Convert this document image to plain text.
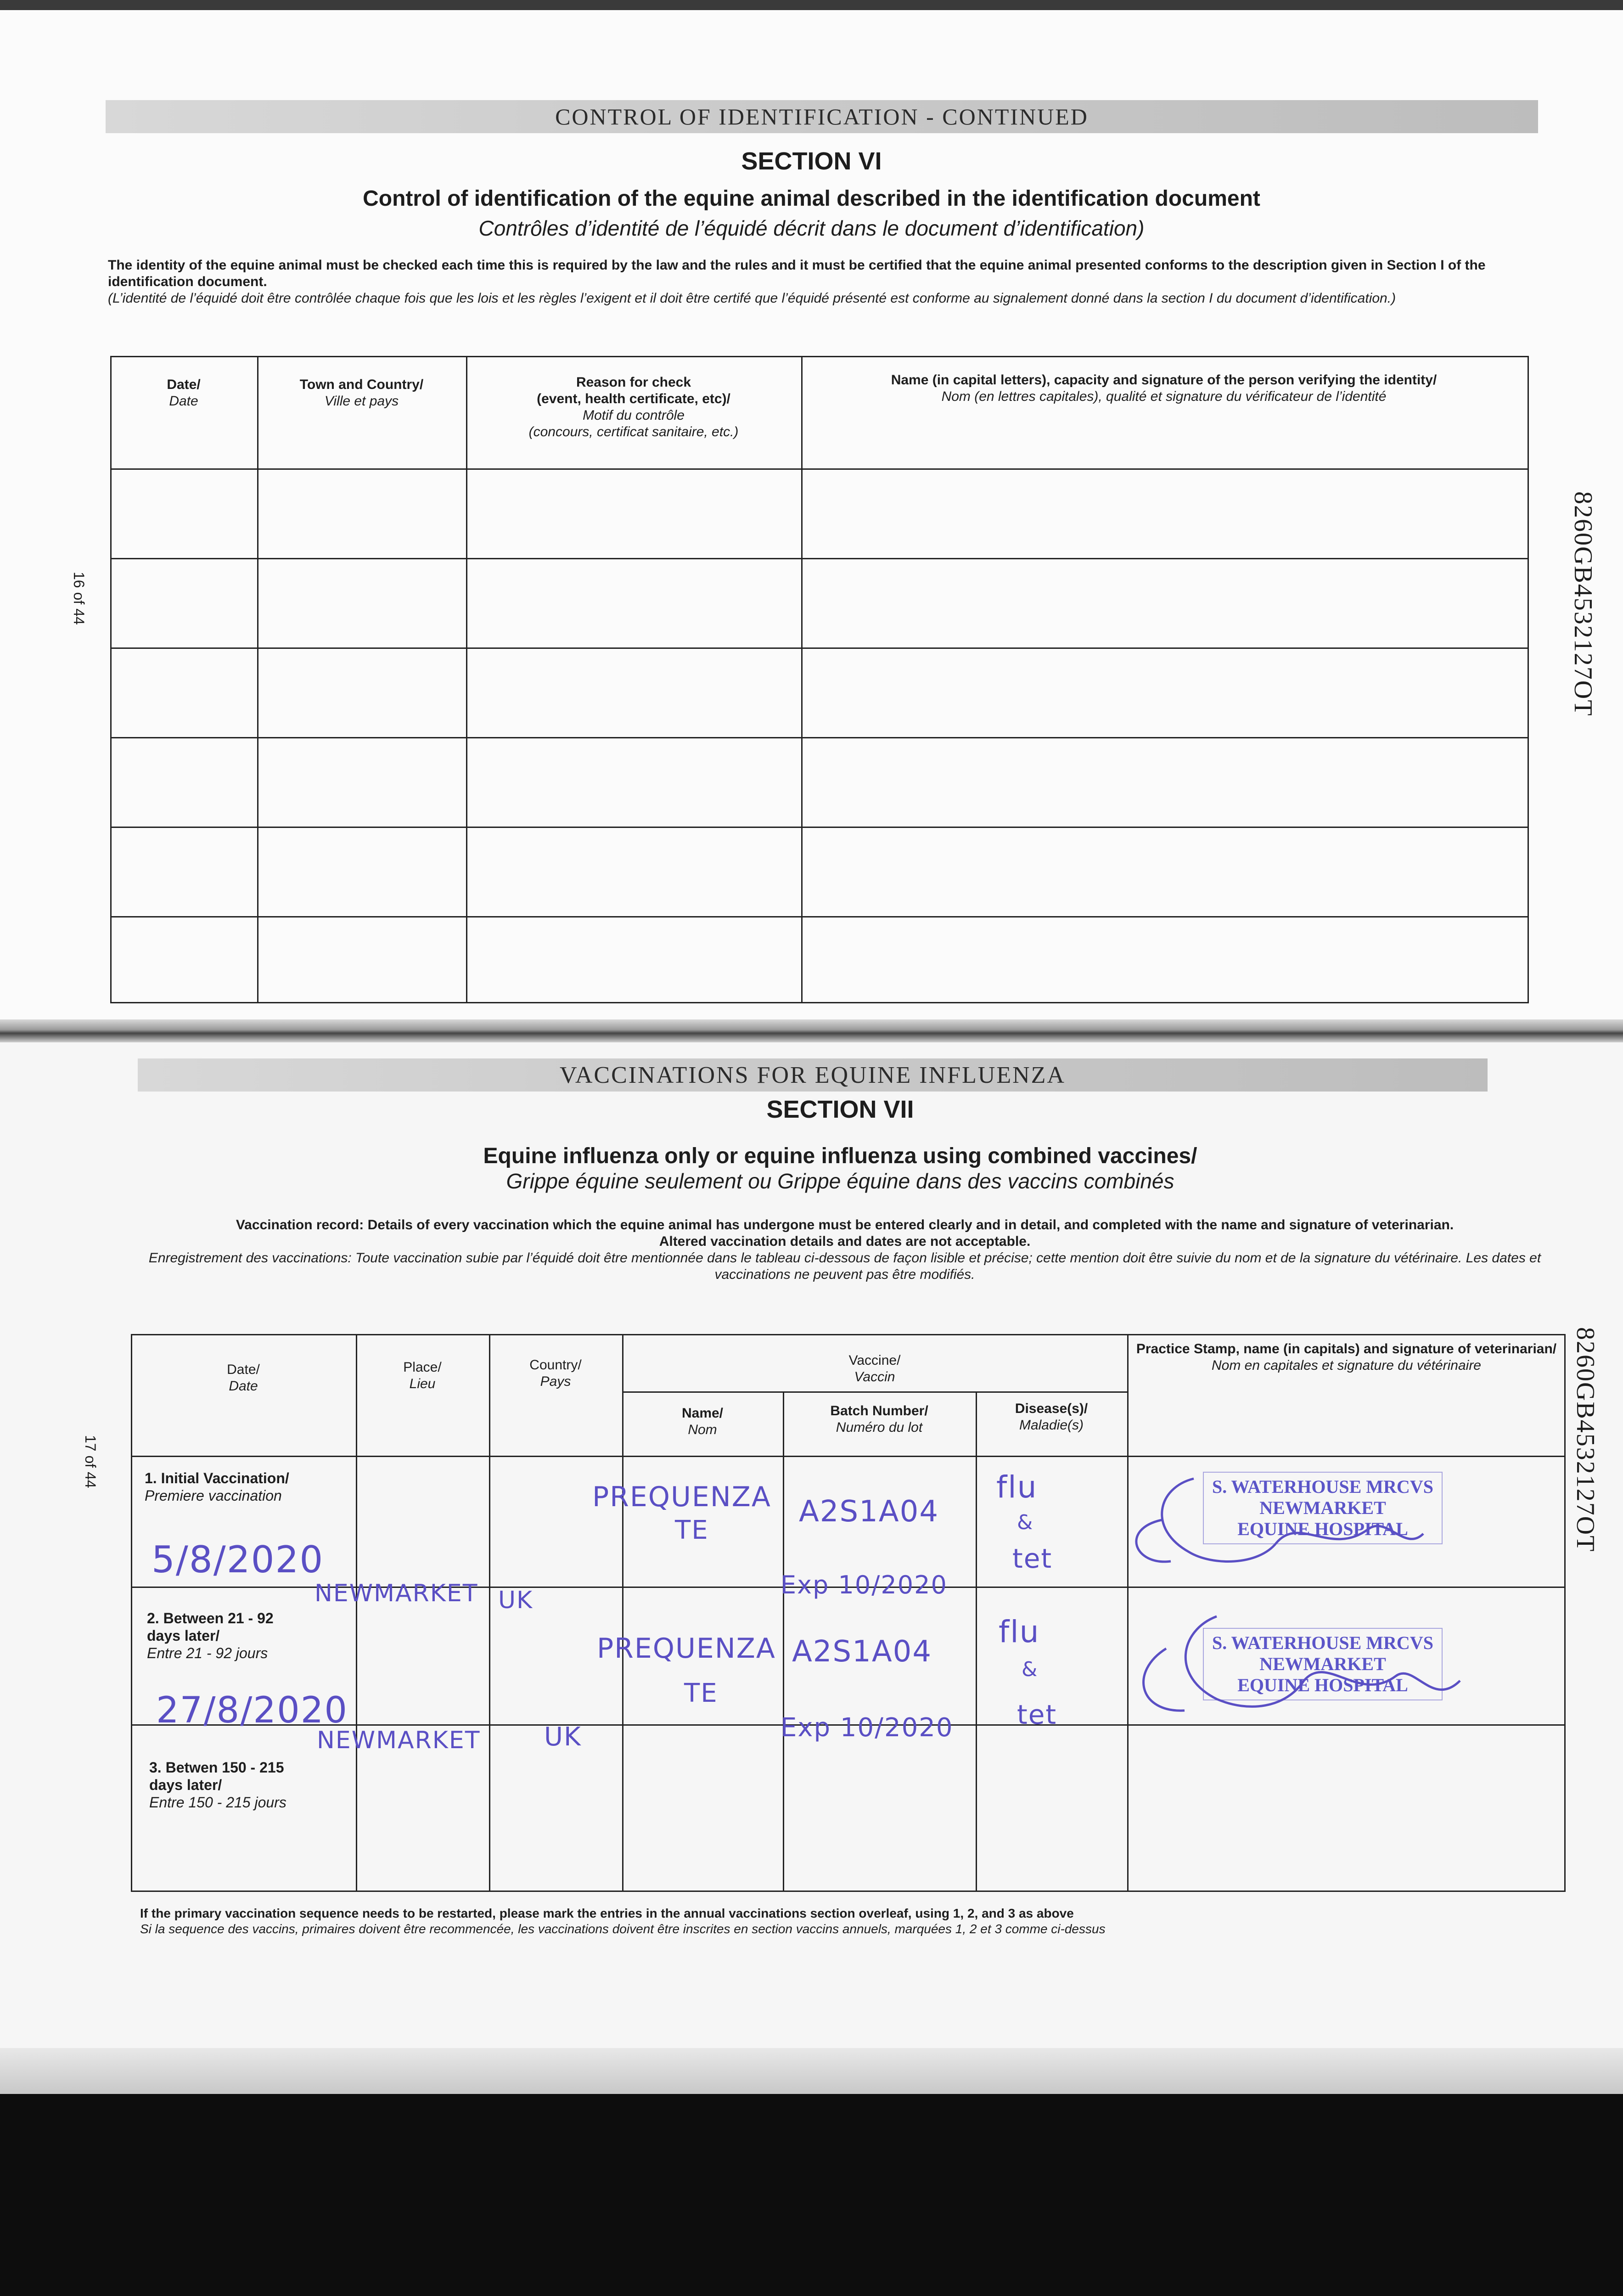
CONTROL OF IDENTIFICATION - CONTINUED
SECTION VI
Control of identification of the equine animal described in the identification document
Contrôles d’identité de l’équidé décrit dans le document d’identification)
The identity of the equine animal must be checked each time this is required by the law and the rules and it must be certified that the equine animal presented conforms to the description given in Section I of the identification document.
(L’identité de l’équidé doit être contrôlée chaque fois que les lois et les règles l’exigent et il doit être certifé que l’équidé présenté est conforme au signalement donné dans la section I du document d’identification.)
Date/
Date
Town and Country/
Ville et pays
Reason for check
(event, health certificate, etc)/
Motif du contrôle
(concours, certificat sanitaire, etc.)
Name (in capital letters), capacity and signature of the person verifying the identity/
Nom (en lettres capitales), qualité et signature du vérificateur de l’identité
16 of 44	8260GB4532127OT
VACCINATIONS FOR EQUINE INFLUENZA
SECTION VII
Equine influenza only or equine influenza using combined vaccines/
Grippe équine seulement ou Grippe équine dans des vaccins combinés
Vaccination record: Details of every vaccination which the equine animal has undergone must be entered clearly and in detail, and completed with the name and signature of veterinarian.
Altered vaccination details and dates are not acceptable.
Enregistrement des vaccinations: Toute vaccination subie par l’équidé doit être mentionnée dans le tableau ci-dessous de façon lisible et précise; cette mention doit être suivie du nom et de la signature du vétérinaire. Les dates et vaccinations ne peuvent pas être modifiés.
Date/
Date
Place/
Lieu
Country/
Pays
Vaccine/
Vaccin
Name/
Nom
Batch Number/
Numéro du lot
Disease(s)/
Maladie(s)
Practice Stamp, name (in capitals) and signature of veterinarian/
Nom en capitales et signature du vétérinaire
1. Initial Vaccination/
Premiere vaccination
2. Between 21 - 92
days later/
Entre 21 - 92 jours
3. Betwen 150 - 215
days later/
Entre 150 - 215 jours
5/8/2020
NEWMARKET UK
PREQUENZA
TE
A2S1A04
Exp 10/2020
flu
&
tet
S. WATERHOUSE MRCVS
NEWMARKET
EQUINE HOSPITAL
27/8/2020
NEWMARKET UK
PREQUENZA
TE
A2S1A04
Exp 10/2020
flu
&
tet
S. WATERHOUSE MRCVS
NEWMARKET
EQUINE HOSPITAL
If the primary vaccination sequence needs to be restarted, please mark the entries in the annual vaccinations section overleaf, using 1, 2, and 3 as above
Si la sequence des vaccins, primaires doivent être recommencée, les vaccinations doivent être inscrites en section vaccins annuels, marquées 1, 2 et 3 comme ci-dessus
17 of 44	8260GB4532127OT
